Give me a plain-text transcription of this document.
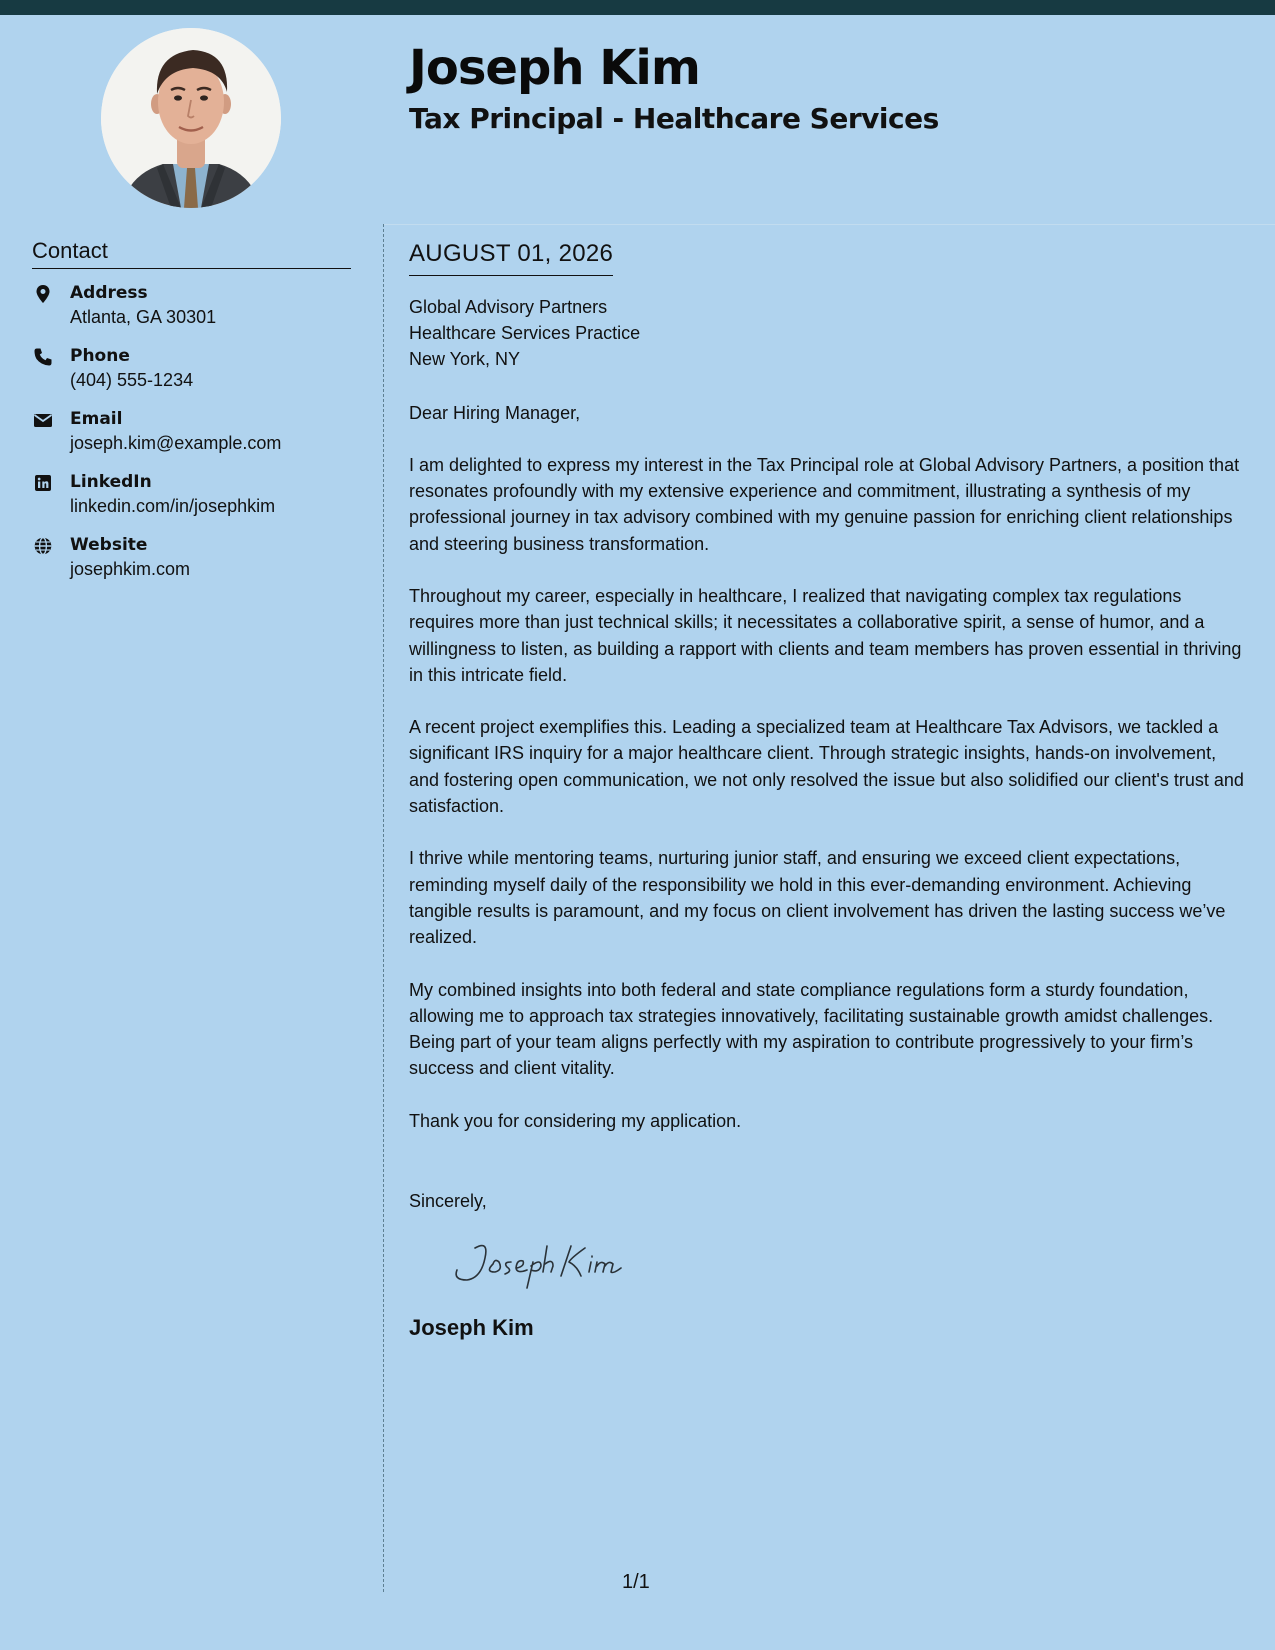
Joseph Kim
Tax Principal - Healthcare Services
Contact
Address
Atlanta, GA 30301
Phone
(404) 555-1234
Email
joseph.kim@example.com
LinkedIn
linkedin.com/in/josephkim
Website
josephkim.com
AUGUST 01, 2026
Global Advisory Partners
Healthcare Services Practice
New York, NY

Dear Hiring Manager,

I am delighted to express my interest in the Tax Principal role at Global Advisory Partners, a position that resonates profoundly with my extensive experience and commitment, illustrating a synthesis of my professional journey in tax advisory combined with my genuine passion for enriching client relationships and steering business transformation.

Throughout my career, especially in healthcare, I realized that navigating complex tax regulations requires more than just technical skills; it necessitates a collaborative spirit, a sense of humor, and a willingness to listen, as building a rapport with clients and team members has proven essential in thriving in this intricate field.

A recent project exemplifies this. Leading a specialized team at Healthcare Tax Advisors, we tackled a significant IRS inquiry for a major healthcare client. Through strategic insights, hands-on involvement, and fostering open communication, we not only resolved the issue but also solidified our client's trust and satisfaction.

I thrive while mentoring teams, nurturing junior staff, and ensuring we exceed client expectations, reminding myself daily of the responsibility we hold in this ever-demanding environment. Achieving tangible results is paramount, and my focus on client involvement has driven the lasting success we’ve realized.

My combined insights into both federal and state compliance regulations form a sturdy foundation, allowing me to approach tax strategies innovatively, facilitating sustainable growth amidst challenges. Being part of your team aligns perfectly with my aspiration to contribute progressively to your firm’s success and client vitality.

Thank you for considering my application.

Sincerely,

Joseph Kim

1/1
